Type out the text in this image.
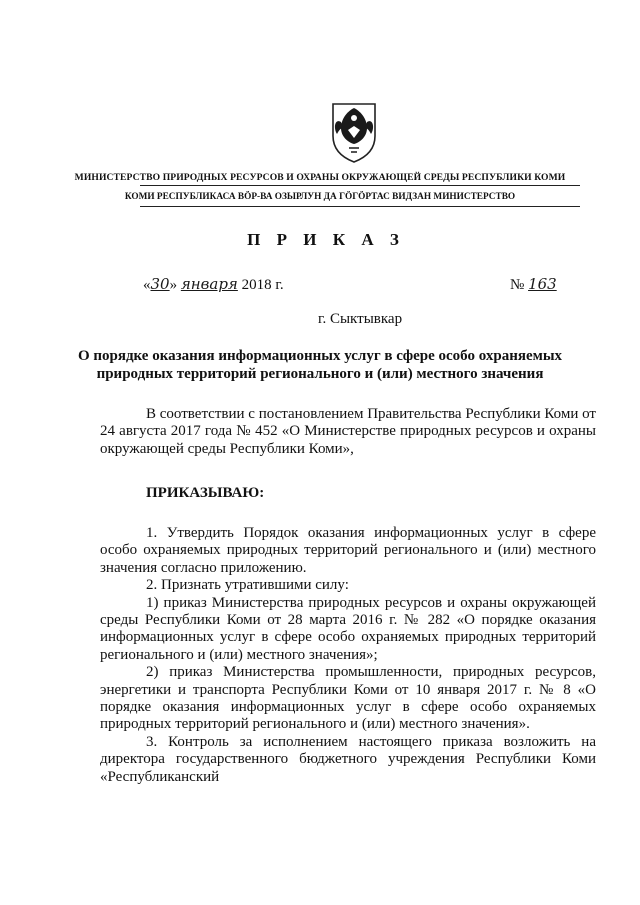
МИНИСТЕРСТВО ПРИРОДНЫХ РЕСУРСОВ И ОХРАНЫ ОКРУЖАЮЩЕЙ СРЕДЫ РЕСПУБЛИКИ КОМИ
КОМИ РЕСПУБЛИКАСА ВӦР-ВА ОЗЫРЛУН ДА ГӦГӦРТАС ВИДЗАН МИНИСТЕРСТВО
П Р И К А З
«30» января 2018 г.	№ 163
г. Сыктывкар
О порядке оказания информационных услуг в сфере особо охраняемых
природных территорий регионального и (или) местного значения
В соответствии с постановлением Правительства Республики Коми от 24 августа 2017 года № 452 «О Министерстве природных ресурсов и охраны окружающей среды Республики Коми»,
ПРИКАЗЫВАЮ:

1. Утвердить Порядок оказания информационных услуг в сфере особо охраняемых природных территорий регионального и (или) местного значения согласно приложению.

2. Признать утратившими силу:

1) приказ Министерства природных ресурсов и охраны окружающей среды Республики Коми от 28 марта 2016 г. № 282 «О порядке оказания информационных услуг в сфере особо охраняемых природных территорий регионального и (или) местного значения»;

2) приказ Министерства промышленности, природных ресурсов, энергетики и транспорта Республики Коми от 10 января 2017 г. № 8 «О порядке оказания информационных услуг в сфере особо охраняемых природных территорий регионального и (или) местного значения».

3. Контроль за исполнением настоящего приказа возложить на директора государственного бюджетного учреждения Республики Коми «Республиканский
